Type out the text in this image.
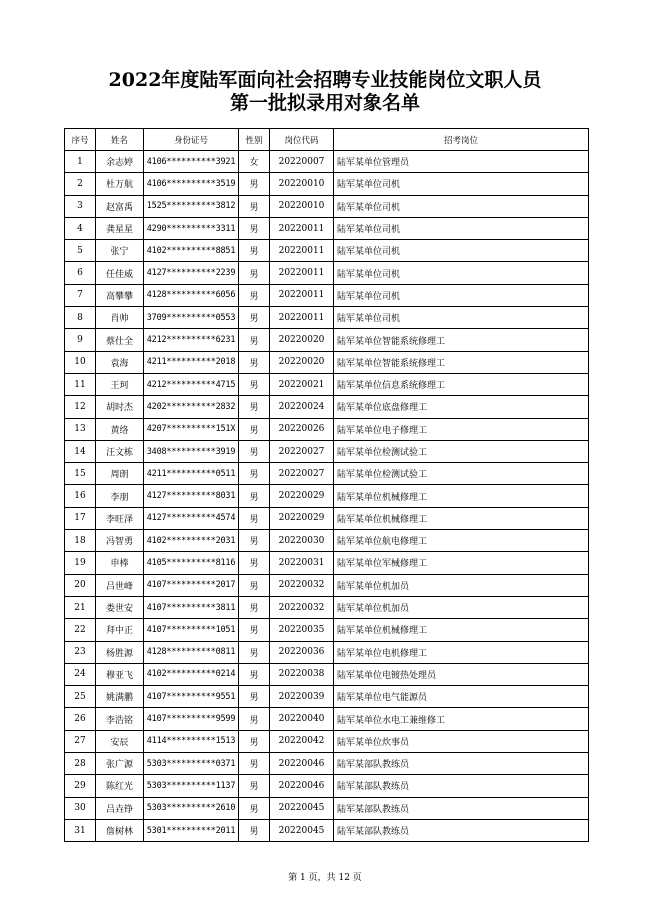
2022年度陆军面向社会招聘专业技能岗位文职人员
第一批拟录用对象名单
序号	姓名	身份证号	性别	岗位代码	招考岗位
1	余志婷	4106**********3921	女	20220007	陆军某单位管理员
2	杜万航	4106**********3519	男	20220010	陆军某单位司机
3	赵富禹	1525**********3812	男	20220010	陆军某单位司机
4	龚星星	4290**********3311	男	20220011	陆军某单位司机
5	张宁	4102**********8851	男	20220011	陆军某单位司机
6	任佳威	4127**********2239	男	20220011	陆军某单位司机
7	高攀攀	4128**********6056	男	20220011	陆军某单位司机
8	肖帅	3709**********0553	男	20220011	陆军某单位司机
9	蔡仕全	4212**********6231	男	20220020	陆军某单位智能系统修理工
10	袁海	4211**********2018	男	20220020	陆军某单位智能系统修理工
11	王珂	4212**********4715	男	20220021	陆军某单位信息系统修理工
12	胡时杰	4202**********2832	男	20220024	陆军某单位底盘修理工
13	黄络	4207**********151X	男	20220026	陆军某单位电子修理工
14	汪文栋	3408**********3919	男	20220027	陆军某单位检测试验工
15	周朗	4211**********0511	男	20220027	陆军某单位检测试验工
16	李朋	4127**********8031	男	20220029	陆军某单位机械修理工
17	李旺泽	4127**********4574	男	20220029	陆军某单位机械修理工
18	冯智勇	4102**********2031	男	20220030	陆军某单位航电修理工
19	申棒	4105**********8116	男	20220031	陆军某单位军械修理工
20	吕世峰	4107**********2017	男	20220032	陆军某单位机加员
21	娄世安	4107**********3811	男	20220032	陆军某单位机加员
22	拜中正	4107**********1051	男	20220035	陆军某单位机械修理工
23	杨胜源	4128**********0811	男	20220036	陆军某单位电机修理工
24	穆亚飞	4102**********0214	男	20220038	陆军某单位电镀热处理员
25	姚满鹏	4107**********9551	男	20220039	陆军某单位电气能源员
26	李浩铭	4107**********9599	男	20220040	陆军某单位水电工兼维修工
27	安辰	4114**********1513	男	20220042	陆军某单位炊事员
28	张广源	5303**********0371	男	20220046	陆军某部队教练员
29	陈红光	5303**********1137	男	20220046	陆军某部队教练员
30	吕垚铮	5303**********2610	男	20220045	陆军某部队教练员
31	詹树林	5301**********2011	男	20220045	陆军某部队教练员
第 1 页，共 12 页
